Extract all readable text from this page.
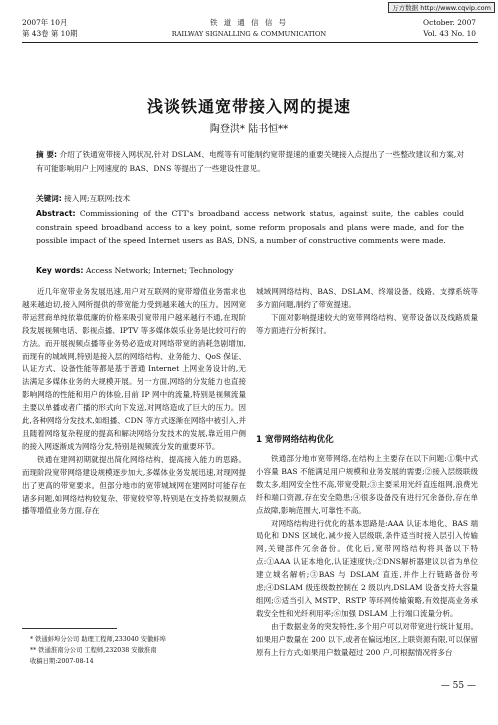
万方数据 http://www.cqvip.com
2007年 10月
第 43卷 第 10期
铁 道 通 信 信 号
RAILWAY SIGNALLING & COMMUNICATION
October. 2007
Vol. 43 No. 10
浅谈铁通宽带接入网的提速
陶登洪* 陆书恒**
摘 要: 介绍了铁通宽带接入网状况,针对 DSLAM、电缆等有可能制约宽带提速的重要关键接入点提出了一些整改建议和方案,对有可能影响用户上网速度的 BAS、DNS 等提出了一些建设性意见。
关键词: 接入网;互联网;技术
Abstract: Commissioning of the CTT's broadband access network status, against suite, the cables could constrain speed broadband access to a key point, some reform proposals and plans were made, and for the possible impact of the speed Internet users as BAS, DNS, a number of constructive comments were made.
Key words: Access Network; Internet; Technology

近几年宽带业务发展迅速,用户对互联网的宽带增值业务需求也越来越迫切,接入网所提供的带宽能力受到越来越大的压力。因网宽带运营商单纯依靠低廉的价格来吸引宽带用户越来越行不通,在现阶段发展视频电话、影视点播、IPTV 等多媒体娱乐业务是比较可行的方法。而开展视频点播等业务势必造成对网络带宽的消耗急剧增加,而现有的城域网,特别是接入层的网络结构、业务能力、QoS 保证、认证方式、设备性能等都是基于普通 Internet 上网业务设计的,无法满足多媒体业务的大规模开展。另一方面,网络的分发能力也直接影响网络的性能和用户的体验,目前 IP 网中的流量,特别是视频流量主要以单播或者广播的形式向下发送,对网络造成了巨大的压力。因此,各种网络分发技术,如组播、CDN 等方式逐渐在网络中被引入,并且随着网络复杂程度的提高和解决网络分发技术的发展,靠近用户侧的接入网逐渐成为网络分发,特别是视频流分发的重要环节。

铁通在建网初期就提出简化网络结构、提高接入能力的思路。而现阶段宽带网络建设规模逐步加大,多媒体业务发展迅速,对现网提出了更高的带宽要求。但部分地市的宽带城域网在建网时可能存在诸多问题,如网络结构较复杂、带宽较窄等,特别是在支持类似视频点播等增值业务方面,存在

城域网网络结构、BAS、DSLAM、终端设备、线路、支撑系统等多方面问题,制约了带宽提速。

下面对影响提速较大的宽带网络结构、宽带设备以及线路质量等方面进行分析探讨。

1 宽带网络结构优化

铁通部分地市宽带网络,在结构上主要存在以下问题:①集中式小容量 BAS 不能满足用户规模和业务发展的需要;②接入层级联级数太多,组网安全性不高,带宽受限;③主要采用光纤直连组网,浪费光纤和端口资源,存在安全隐患;④很多设备没有进行冗余备份,存在单点故障,影响范围大,可靠性不高。

对网络结构进行优化的基本思路是:AAA 认证本地化、BAS 端局化和 DNS 区域化,减少接入层级联,条件适当时接入层引入传输网,关键部件冗余备份。优化后,宽带网络结构将具备以下特点:①AAA 认证本地化,认证速度快;②DNS解析器建议以省为单位建立城名解析;③BAS 与 DSLAM 直连,并作上行链路备份考虑;④DSLAM 级连级数控制在 2 级以内,DSLAM 设备支持大容量组网;⑤适当引入 MSTP、RSTP 等环网传输策略,有效提高业务承载安全性和光纤利用率;⑥加强 DSLAM 上行端口流量分析。

由于数据业务的突发特性,多个用户可以对带宽进行统计复用。如果用户数量在 200 以下,或者在偏远地区,上联资源有限,可以保留原有上行方式;如果用户数量超过 200 户,可根据情况将多台

* 铁通蚌埠分公司 助理工程师,233040 安徽蚌埠
** 铁通淮南分公司 工程师,232038 安徽淮南
收稿日期:2007-08-14
— 55 —
